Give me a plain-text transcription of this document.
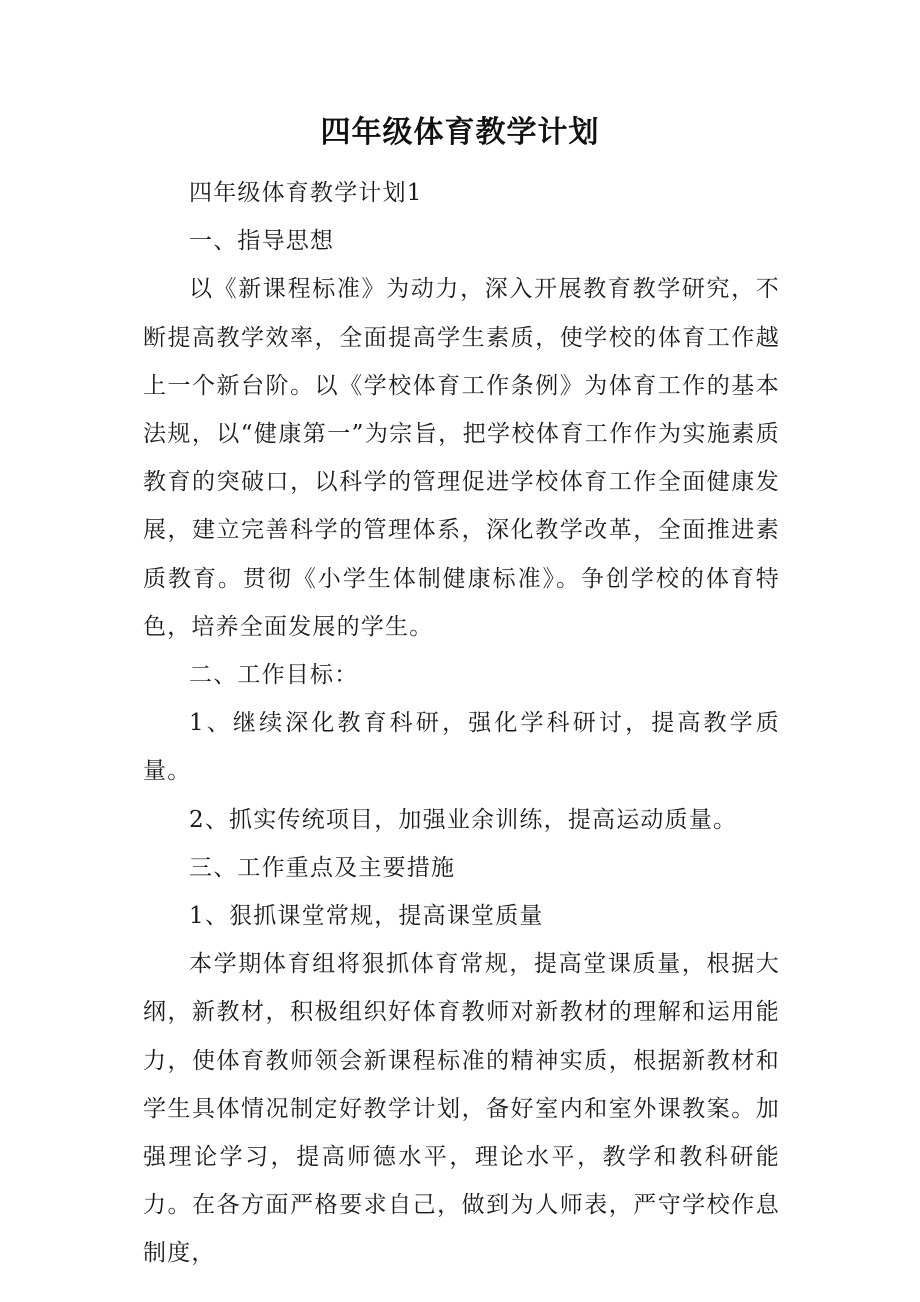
四年级体育教学计划

四年级体育教学计划1

一、指导思想

以《新课程标准》为动力，深入开展教育教学研究，不断提高教学效率，全面提高学生素质，使学校的体育工作越上一个新台阶。以《学校体育工作条例》为体育工作的基本法规，以“健康第一”为宗旨，把学校体育工作作为实施素质教育的突破口，以科学的管理促进学校体育工作全面健康发展，建立完善科学的管理体系，深化教学改革，全面推进素质教育。贯彻《小学生体制健康标准》。争创学校的体育特色，培养全面发展的学生。

二、工作目标：

1、继续深化教育科研，强化学科研讨，提高教学质量。

2、抓实传统项目，加强业余训练，提高运动质量。

三、工作重点及主要措施

1、狠抓课堂常规，提高课堂质量

本学期体育组将狠抓体育常规，提高堂课质量，根据大纲，新教材，积极组织好体育教师对新教材的理解和运用能力，使体育教师领会新课程标准的精神实质，根据新教材和学生具体情况制定好教学计划，备好室内和室外课教案。加强理论学习，提高师德水平，理论水平，教学和教科研能力。在各方面严格要求自己，做到为人师表，严守学校作息制度，
